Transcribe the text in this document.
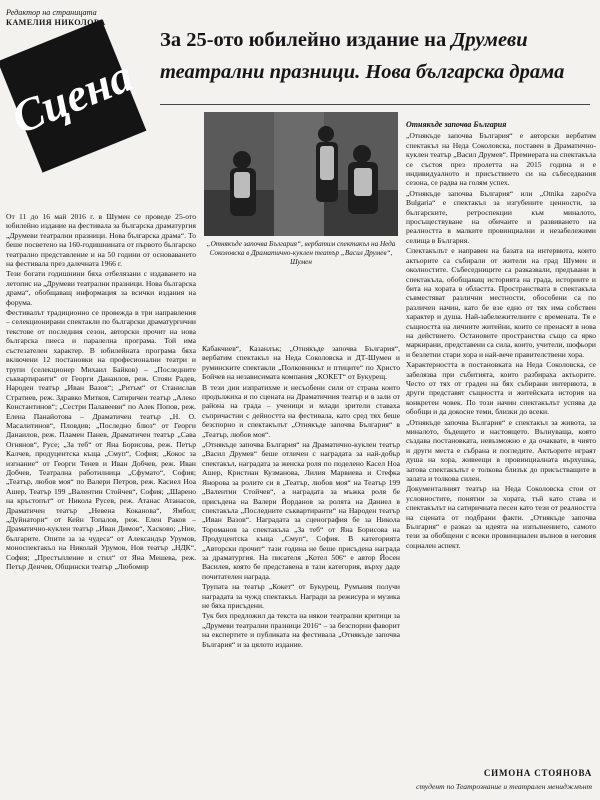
Редактор на страницата
КАМЕЛИЯ НИКОЛОВА
Сцена
За 25-ото юбилейно издание на Друмеви театрални празници. Нова българска драма
„Отнякъде започва България“, вербатим спектакъл на Неда Соколовска в Драматично-куклен театър „Васил Друмев“, Шумен

От 11 до 16 май 2016 г. в Шумен се проведе 25-ото юбилейно издание на фестивала за българска драматургия „Друмеви театрални празници. Нова българска драма“. То беше посветено на 160-годишнината от първото българско театрално представление и на 50 години от основаването на фестивала през далечната 1966 г.

Тези богати годишнини бяха отбелязани с издаването на летопис на „Друмеви театрални празници. Нова българска драма“, обобщаващ информация за всички издания на форума.

Фестивалът традиционно се провежда в три направления – селекционирани спектакли по български драматургични текстове от последния сезон, авторски прочит на нова българска пиеса и паралелна програма. Той има състезателен характер. В юбилейната програма бяха включени 12 постановки на професионални театри и трупи (селекционер Михаил Байков) – „Последните съквартиранти“ от Георги Данаилов, реж. Стоян Радев, Народен театър „Иван Вазов“; „Ритъм“ от Станислав Стратиев, реж. Здравко Митков, Сатиричен театър „Алеко Константинов“; „Сестри Палавееви“ по Алек Попов, реж. Елена Панайотова – Драматичен театър „Н. О. Масалитинов“, Пловдив; „Последно блюз“ от Георги Данаилов, реж. Пламен Панев, Драматичен театър „Сава Огнянов“, Русе; „За теб“ от Яна Борисова, реж. Петър Калчев, продуцентска къща „Смуп“, София; „Кокос за изгнание“ от Георги Тенев и Иван Добчев, реж. Иван Добчев, Театрална работилница „Сфумато“, София; „Театър, любов моя“ по Валери Петров, реж. Касиел Ноа Ашер, Театър 199 „Валентин Стойчев“, София; „Шарено на кръстопът“ от Никола Русев, реж. Атанас Атанасов, Драматичен театър „Невена Коканова“, Ямбол; „Дуйнатори“ от Кейн Топалов, реж. Елен Раков – Драматично-куклен театър „Иван Димов“, Хасково; „Ние, българите. Опити за за чудеса“ от Александър Урумов, моноспектакъл на Николай Урумов, Нов театър „НДК“, София; „Престъпление и стил“ от Яна Мешева, реж. Петър Денчев, Общински театър „Любомир

Кабакчиев“, Казанлък; „Отнякъде започва България“, вербатим спектакъл на Неда Соколовска и ДТ-Шумен и руминските спектакли „Полковникът и птиците“ по Христо Бойчев на независимата компания „КОКЕТ“ от Букурещ.

В тези дни изпратихме и несъобени сили от страна които продължиха и по сцената на Драматичния театър и в зали от района на града – ученици и млади зрители ставаха съпричастни с дейността на фестивала, като сред тях беше безспорно и спектакълът „Отнякъде започва България“ в „Театър, любов моя“.

„Отнякъде започва България“ на Драматично-куклен театър „Васил Друмев“ беше отличен с наградата за най-добър спектакъл, наградата за женска роля по поделено Касел Ноа Ашер, Кристиан Кузманова, Лилия Марвиева и Стефка Янорова за ролите си в „Театър, любов моя“ на Театър 199 „Валентин Стойчев“, а наградата за мъжка роля бе присъдена на Валери Йорданов за ролята на Даниел в спектакъла „Последните съквартиранти“ на Народен театър „Иван Вазов“. Наградата за сценография бе за Никола Тороманов за спектакъла „За теб“ от Яна Борисова на Продуцентска къща „Смуп“, София. В категорията „Авторски прочит“ тази година не беше присъдена награда за драматургия. На писателя „Котел 506“ е автор Йосен Василев, която бе представена в тази категория, върху даде почитателен награда.

Трупата на театър „Кокет“ от Букурещ, Румъния получи наградата за чужд спектакъл. Награди за режисура и музика не бяха присъдени.

Тук бих предложил да текста на някои театрални критици за „Друмеви театрални празници 2016“ – за безспорни фаворит на експертите и публиката на фестивала „Отнякъде започва България“ и за цялото издание.

Отнякъде започва България

„Отнякъде започва България“ е авторски вербатим спектакъл на Неда Соколовска, поставен в Драматично-куклен театър „Васил Друмев“. Премиерата на спектакъла се състоя през пролетта на 2015 година и е индивидуалното и присъствието си на събеседвания сезона, се радва на голям успех.

„Отнякъде започва България“ или „Otnika započva Bulgaria“ е спектакъл за изгубените ценности, за българските, ретроспекции към миналото, просъществуване на обичаите и развиването на реалността в малките провинциални и незабележими селища в България.

Спектакълът е направен на базата на интервюта, които актьорите са събирали от жители на град Шумен и околностите. Събеседниците са разказвали, предъвани в спектакъла, обобщаващ историята на града, историите и бита на хората в областта. Пространствата в спектакъла съвместяват различни местности, обособени са по различен начин, като бе взе едно от тях има собствен характер и душа. Най-забележителните с времената. Тя е същността на личните житейни, които се пренасят в нова на действието. Остановите пространства също са ярко маркирани, представени са сила, които, учители, шофьори и безлетни стари хора и най-вече правителствени хора.

Характерността в постановката на Неда Соколовска, се забелязва при събитията, които разбираха актьорите. Често от тях от граден на бях събирани интервюта, в други представят същността и житейската история на конкретен човек. По този начин спектакълът успява да обобщи и да докосне теми, близки до всеки.

„Отнякъде започва България“ е спектакъл за живота, за миналото, бъдещето и настоящето. Вълнуваща, която създава постановката, невъзможно е да очаквате, в чиято и други места е събрана и погледите. Актьорите играят душа на хора, живеещи в провинциалната върхушка, затова спектакълът е толкова близък до присъстващите в залата и толкова силен.

Документалният театър на Неда Соколовска стои от условностите, понятни за хората, тъй като става и спектакълът на сатиричната песен като тези от реалността на сцената от подбрани факти. „Отнякъде започва България“ е разказ за идеята на изпълнението, самото тези за обобщени с всеки провинциален вълнов в неговия социален аспект.

СИМОНА СТОЯНОВА
студент по Театрознание и театрален мениджмънт
